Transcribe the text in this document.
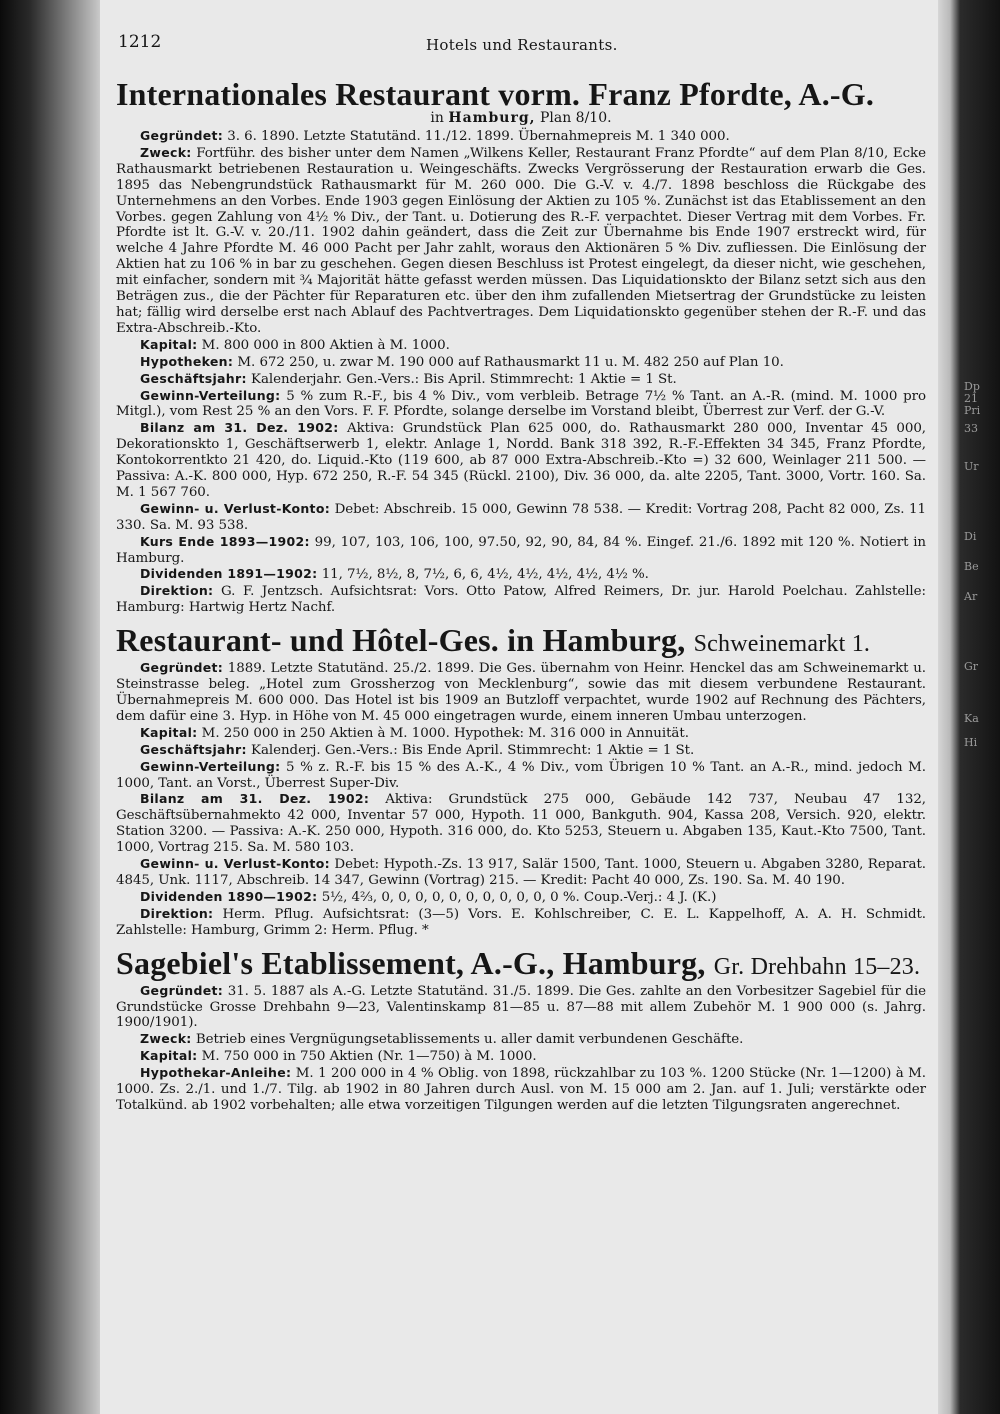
1212	Hotels und Restaurants.
Internationales Restaurant vorm. Franz Pfordte, A.-G.
in Hamburg, Plan 8/10.

Gegründet: 3. 6. 1890. Letzte Statutänd. 11./12. 1899. Übernahmepreis M. 1 340 000.

Zweck: Fortführ. des bisher unter dem Namen „Wilkens Keller, Restaurant Franz Pfordte“ auf dem Plan 8/10, Ecke Rathausmarkt betriebenen Restauration u. Weingeschäfts. Zwecks Vergrösserung der Restauration erwarb die Ges. 1895 das Nebengrundstück Rathausmarkt für M. 260 000. Die G.-V. v. 4./7. 1898 beschloss die Rückgabe des Unternehmens an den Vorbes. Ende 1903 gegen Einlösung der Aktien zu 105 %. Zunächst ist das Etablissement an den Vorbes. gegen Zahlung von 4½ % Div., der Tant. u. Dotierung des R.-F. verpachtet. Dieser Vertrag mit dem Vorbes. Fr. Pfordte ist lt. G.-V. v. 20./11. 1902 dahin geändert, dass die Zeit zur Übernahme bis Ende 1907 erstreckt wird, für welche 4 Jahre Pfordte M. 46 000 Pacht per Jahr zahlt, woraus den Aktionären 5 % Div. zufliessen. Die Einlösung der Aktien hat zu 106 % in bar zu geschehen. Gegen diesen Beschluss ist Protest eingelegt, da dieser nicht, wie geschehen, mit einfacher, sondern mit ¾ Majorität hätte gefasst werden müssen. Das Liquidationskto der Bilanz setzt sich aus den Beträgen zus., die der Pächter für Reparaturen etc. über den ihm zufallenden Mietsertrag der Grundstücke zu leisten hat; fällig wird derselbe erst nach Ablauf des Pachtvertrages. Dem Liquidationskto gegenüber stehen der R.-F. und das Extra-Abschreib.-Kto.

Kapital: M. 800 000 in 800 Aktien à M. 1000.

Hypotheken: M. 672 250, u. zwar M. 190 000 auf Rathausmarkt 11 u. M. 482 250 auf Plan 10.

Geschäftsjahr: Kalenderjahr. Gen.-Vers.: Bis April. Stimmrecht: 1 Aktie = 1 St.

Gewinn-Verteilung: 5 % zum R.-F., bis 4 % Div., vom verbleib. Betrage 7½ % Tant. an A.-R. (mind. M. 1000 pro Mitgl.), vom Rest 25 % an den Vors. F. F. Pfordte, solange derselbe im Vorstand bleibt, Überrest zur Verf. der G.-V.

Bilanz am 31. Dez. 1902: Aktiva: Grundstück Plan 625 000, do. Rathausmarkt 280 000, Inventar 45 000, Dekorationskto 1, Geschäftserwerb 1, elektr. Anlage 1, Nordd. Bank 318 392, R.-F.-Effekten 34 345, Franz Pfordte, Kontokorrentkto 21 420, do. Liquid.-Kto (119 600, ab 87 000 Extra-Abschreib.-Kto =) 32 600, Weinlager 211 500. — Passiva: A.-K. 800 000, Hyp. 672 250, R.-F. 54 345 (Rückl. 2100), Div. 36 000, da. alte 2205, Tant. 3000, Vortr. 160. Sa. M. 1 567 760.

Gewinn- u. Verlust-Konto: Debet: Abschreib. 15 000, Gewinn 78 538. — Kredit: Vortrag 208, Pacht 82 000, Zs. 11 330. Sa. M. 93 538.

Kurs Ende 1893—1902: 99, 107, 103, 106, 100, 97.50, 92, 90, 84, 84 %. Eingef. 21./6. 1892 mit 120 %. Notiert in Hamburg.

Dividenden 1891—1902: 11, 7½, 8½, 8, 7½, 6, 6, 4½, 4½, 4½, 4½, 4½ %.

Direktion: G. F. Jentzsch. Aufsichtsrat: Vors. Otto Patow, Alfred Reimers, Dr. jur. Harold Poelchau. Zahlstelle: Hamburg: Hartwig Hertz Nachf.

Restaurant- und Hôtel-Ges. in Hamburg, Schweinemarkt 1.

Gegründet: 1889. Letzte Statutänd. 25./2. 1899. Die Ges. übernahm von Heinr. Henckel das am Schweinemarkt u. Steinstrasse beleg. „Hotel zum Grossherzog von Mecklenburg“, sowie das mit diesem verbundene Restaurant. Übernahmepreis M. 600 000. Das Hotel ist bis 1909 an Butzloff verpachtet, wurde 1902 auf Rechnung des Pächters, dem dafür eine 3. Hyp. in Höhe von M. 45 000 eingetragen wurde, einem inneren Umbau unterzogen.

Kapital: M. 250 000 in 250 Aktien à M. 1000. Hypothek: M. 316 000 in Annuität.

Geschäftsjahr: Kalenderj. Gen.-Vers.: Bis Ende April. Stimmrecht: 1 Aktie = 1 St.

Gewinn-Verteilung: 5 % z. R.-F. bis 15 % des A.-K., 4 % Div., vom Übrigen 10 % Tant. an A.-R., mind. jedoch M. 1000, Tant. an Vorst., Überrest Super-Div.

Bilanz am 31. Dez. 1902: Aktiva: Grundstück 275 000, Gebäude 142 737, Neubau 47 132, Geschäftsübernahmekto 42 000, Inventar 57 000, Hypoth. 11 000, Bankguth. 904, Kassa 208, Versich. 920, elektr. Station 3200. — Passiva: A.-K. 250 000, Hypoth. 316 000, do. Kto 5253, Steuern u. Abgaben 135, Kaut.-Kto 7500, Tant. 1000, Vortrag 215. Sa. M. 580 103.

Gewinn- u. Verlust-Konto: Debet: Hypoth.-Zs. 13 917, Salär 1500, Tant. 1000, Steuern u. Abgaben 3280, Reparat. 4845, Unk. 1117, Abschreib. 14 347, Gewinn (Vortrag) 215. — Kredit: Pacht 40 000, Zs. 190. Sa. M. 40 190.

Dividenden 1890—1902: 5½, 4⅔, 0, 0, 0, 0, 0, 0, 0, 0, 0, 0, 0 %. Coup.-Verj.: 4 J. (K.)

Direktion: Herm. Pflug. Aufsichtsrat: (3—5) Vors. E. Kohlschreiber, C. E. L. Kappelhoff, A. A. H. Schmidt. Zahlstelle: Hamburg, Grimm 2: Herm. Pflug. *

Sagebiel's Etablissement, A.-G., Hamburg, Gr. Drehbahn 15–23.

Gegründet: 31. 5. 1887 als A.-G. Letzte Statutänd. 31./5. 1899. Die Ges. zahlte an den Vorbesitzer Sagebiel für die Grundstücke Grosse Drehbahn 9—23, Valentinskamp 81—85 u. 87—88 mit allem Zubehör M. 1 900 000 (s. Jahrg. 1900/1901).

Zweck: Betrieb eines Vergnügungsetablissements u. aller damit verbundenen Geschäfte.

Kapital: M. 750 000 in 750 Aktien (Nr. 1—750) à M. 1000.

Hypothekar-Anleihe: M. 1 200 000 in 4 % Oblig. von 1898, rückzahlbar zu 103 %. 1200 Stücke (Nr. 1—1200) à M. 1000. Zs. 2./1. und 1./7. Tilg. ab 1902 in 80 Jahren durch Ausl. von M. 15 000 am 2. Jan. auf 1. Juli; verstärkte oder Totalkünd. ab 1902 vorbehalten; alle etwa vorzeitigen Tilgungen werden auf die letzten Tilgungsraten angerechnet.

Dp
21
Pri
33
Ur
Di
Be
Ar
Gr
Ka
Hi
